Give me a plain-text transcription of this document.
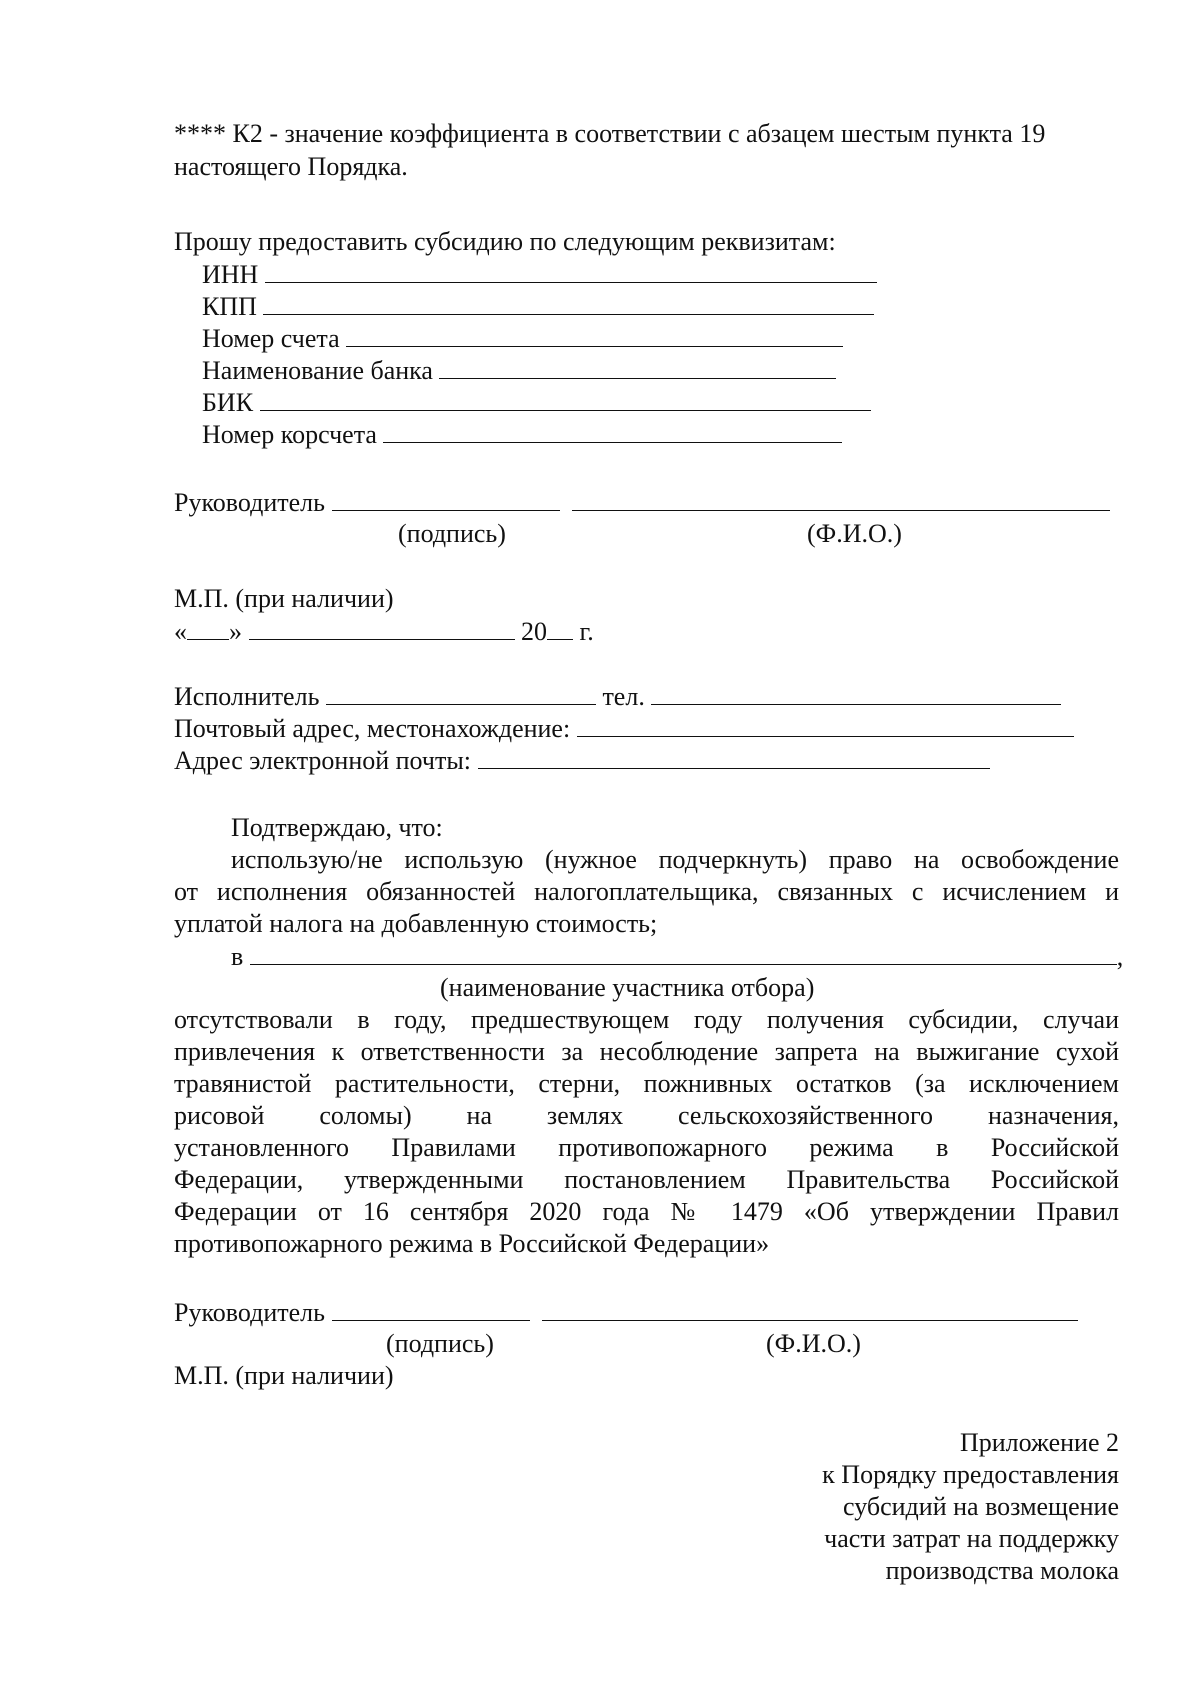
**** К2 - значение коэффициента в соответствии с абзацем шестым пункта 19
настоящего Порядка.
Прошу предоставить субсидию по следующим реквизитам:
ИНН
КПП
Номер счета
Наименование банка
БИК
Номер корсчета
Руководитель
(подпись)	(Ф.И.О.)
М.П. (при наличии)
« »	20 г.
Исполнитель	тел.
Почтовый адрес, местонахождение:
Адрес электронной почты:
Подтверждаю, что:
использую/не использую (нужное подчеркнуть) право на освобождение
от исполнения обязанностей налогоплательщика, связанных с исчислением и
уплатой налога на добавленную стоимость;
в	,
(наименование участника отбора)
отсутствовали в году, предшествующем году получения субсидии, случаи
привлечения к ответственности за несоблюдение запрета на выжигание сухой
травянистой растительности, стерни, пожнивных остатков (за исключением
рисовой соломы) на землях сельскохозяйственного назначения,
установленного Правилами противопожарного режима в Российской
Федерации, утвержденными постановлением Правительства Российской
Федерации от 16 сентября 2020 года № 1479 «Об утверждении Правил
противопожарного режима в Российской Федерации»
Руководитель
(подпись)	(Ф.И.О.)
М.П. (при наличии)
Приложение 2
к Порядку предоставления
субсидий на возмещение
части затрат на поддержку
производства молока
